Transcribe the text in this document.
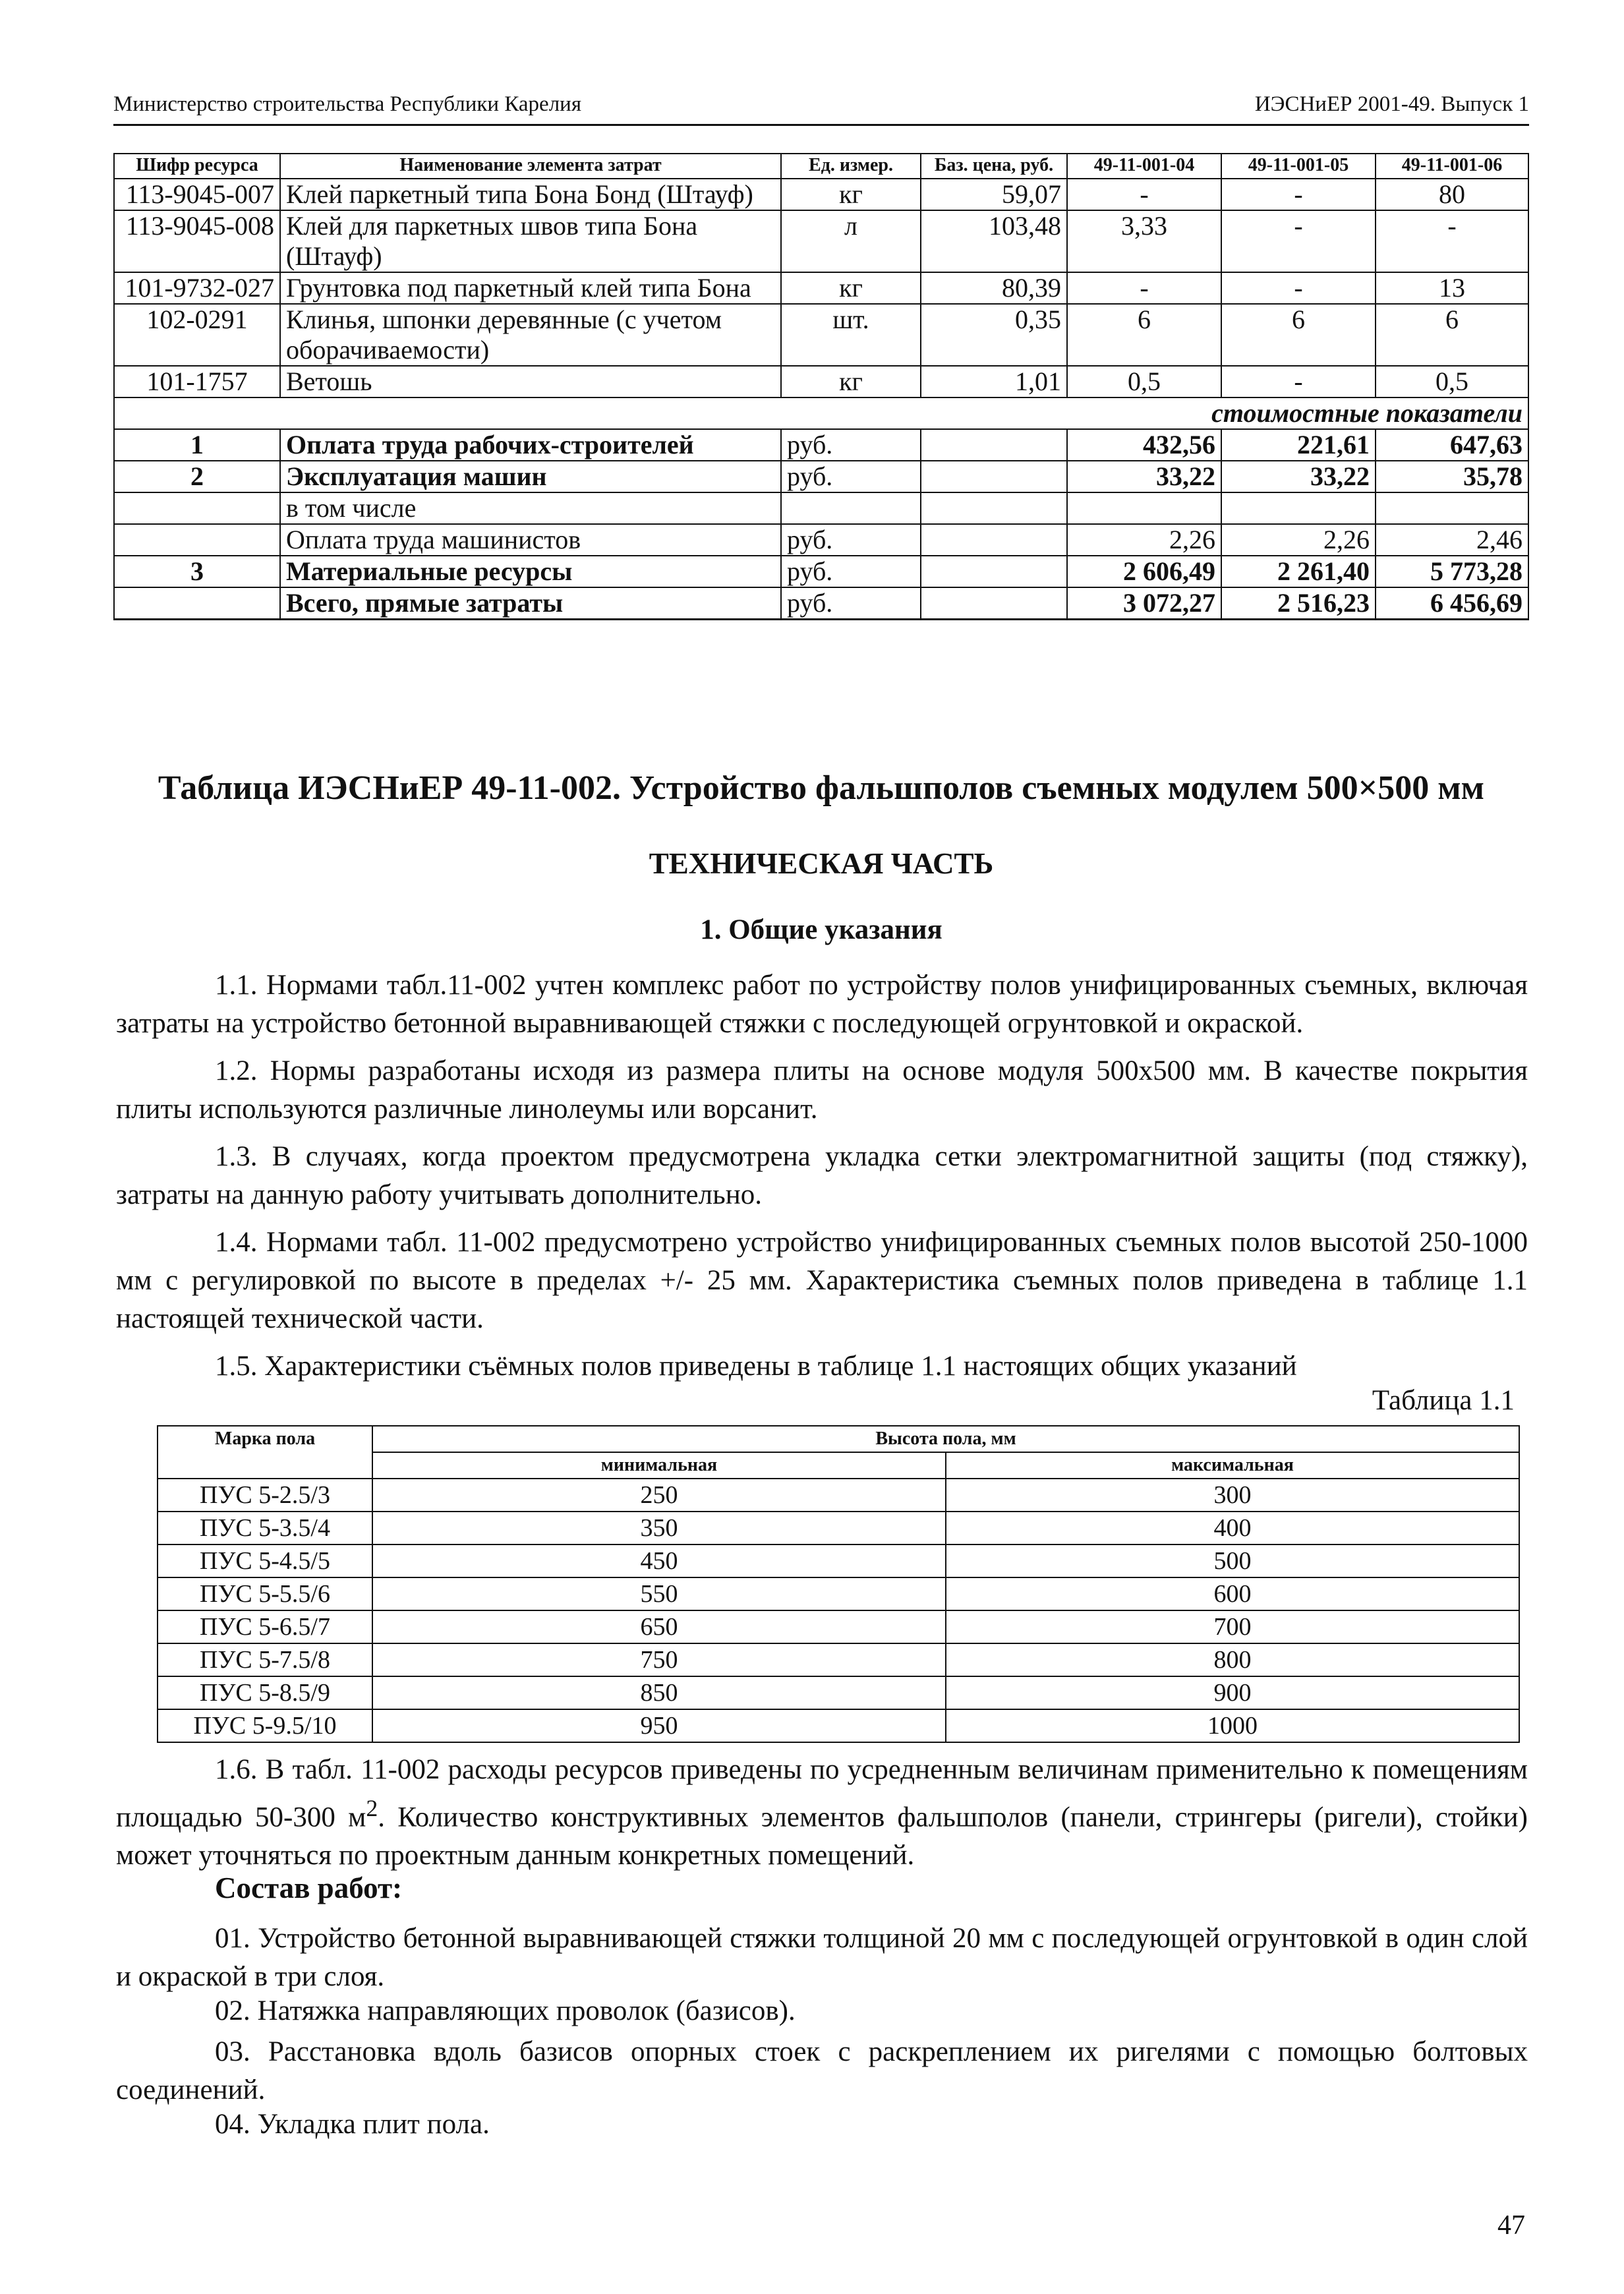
Министерство строительства Республики Карелия	ИЭСНиЕР 2001-49. Выпуск 1
Шифр ресурса	Наименование элемента затрат	Ед. измер.	Баз. цена, руб.	49-11-001-04	49-11-001-05	49-11-001-06
113-9045-007	Клей паркетный типа Бона Бонд (Штауф)	кг	59,07	-	-	80
113-9045-008	Клей для паркетных швов типа Бона (Штауф)	л	103,48	3,33	-	-
101-9732-027	Грунтовка под паркетный клей типа Бона	кг	80,39	-	-	13
102-0291	Клинья, шпонки деревянные (с учетом оборачиваемости)	шт.	0,35	6	6	6
101-1757	Ветошь	кг	1,01	0,5	-	0,5
стоимостные показатели						
1	Оплата труда рабочих-строителей	руб.		432,56	221,61	647,63
2	Эксплуатация машин	руб.		33,22	33,22	35,78
	в том числе					
	Оплата труда машинистов	руб.		2,26	2,26	2,46
3	Материальные ресурсы	руб.		2 606,49	2 261,40	5 773,28
	Всего, прямые затраты	руб.		3 072,27	2 516,23	6 456,69
Таблица ИЭСНиЕР 49-11-002. Устройство фальшполов съемных модулем 500×500 мм
ТЕХНИЧЕСКАЯ ЧАСТЬ
1. Общие указания

1.1. Нормами табл.11-002 учтен комплекс работ по устройству полов унифицированных съемных, включая затраты на устройство бетонной выравнивающей стяжки с последующей огрунтовкой и окраской.

1.2. Нормы разработаны исходя из размера плиты на основе модуля 500х500 мм. В качестве покрытия плиты используются различные линолеумы или ворсанит.

1.3. В случаях, когда проектом предусмотрена укладка сетки электромагнитной защиты (под стяжку), затраты на данную работу учитывать дополнительно.

1.4. Нормами табл. 11-002 предусмотрено устройство унифицированных съемных полов высотой 250-1000 мм с регулировкой по высоте в пределах +/- 25 мм. Характеристика съемных полов приведена в таблице 1.1 настоящей технической части.

1.5. Характеристики съёмных полов приведены в таблице 1.1 настоящих общих указаний

Таблица 1.1
Марка пола	Высота пола, мм	
	минимальная	максимальная
ПУС 5-2.5/3	250	300
ПУС 5-3.5/4	350	400
ПУС 5-4.5/5	450	500
ПУС 5-5.5/6	550	600
ПУС 5-6.5/7	650	700
ПУС 5-7.5/8	750	800
ПУС 5-8.5/9	850	900
ПУС 5-9.5/10	950	1000

1.6. В табл. 11-002 расходы ресурсов приведены по усредненным величинам применительно к помещениям площадью 50-300 $м^2$. Количество конструктивных элементов фальшполов (панели, стрингеры (ригели), стойки) может уточняться по проектным данным конкретных помещений.

Состав работ:

01. Устройство бетонной выравнивающей стяжки толщиной 20 мм с последующей огрунтовкой в один слой и окраской в три слоя.

02. Натяжка направляющих проволок (базисов).

03. Расстановка вдоль базисов опорных стоек с раскреплением их ригелями с помощью болтовых соединений.

04. Укладка плит пола.
47
